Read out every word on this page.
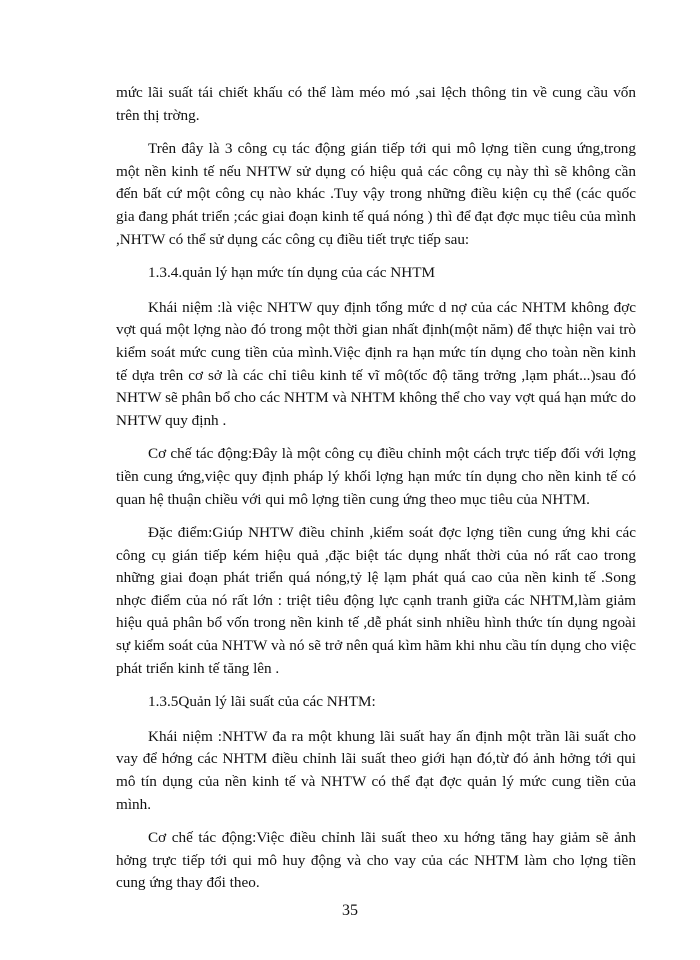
mức lãi suất tái chiết khấu có thể làm méo mó ,sai lệch thông tin về cung cầu vốn trên thị trờng.

Trên đây là 3 công cụ tác động gián tiếp tới qui mô lợng tiền cung ứng,trong một nền kinh tế nếu NHTW sử dụng có hiệu quả các công cụ này thì sẽ không cần đến bất cứ một công cụ nào khác .Tuy vậy trong những điều kiện cụ thể (các quốc gia đang phát triển ;các giai đoạn kinh tế quá nóng ) thì để đạt đợc mục tiêu của mình ,NHTW có thể sử dụng các công cụ điều tiết trực tiếp sau:

1.3.4.quản lý hạn mức tín dụng của các NHTM

Khái niệm :là việc NHTW quy định tổng mức d nợ của các NHTM không đợc vợt quá một lợng nào đó trong một thời gian nhất định(một năm) để thực hiện vai trò kiểm soát mức cung tiền của mình.Việc định ra hạn mức tín dụng cho toàn nền kinh tế dựa trên cơ sở là các chỉ tiêu kinh tế vĩ mô(tốc độ tăng trởng ,lạm phát...)sau đó NHTW sẽ phân bổ cho các NHTM và NHTM không thể cho vay vợt quá hạn mức do NHTW quy định .

Cơ chế tác động:Đây là một công cụ điều chỉnh một cách trực tiếp đối với lợng tiền cung ứng,việc quy định pháp lý khối lợng hạn mức tín dụng cho nền kinh tế có quan hệ thuận chiều với qui mô lợng tiền cung ứng theo mục tiêu của NHTM.

Đặc điểm:Giúp NHTW điều chỉnh ,kiểm soát đợc lợng tiền cung ứng khi các công cụ gián tiếp kém hiệu quả ,đặc biệt tác dụng nhất thời của nó rất cao trong những giai đoạn phát triển quá nóng,tỷ lệ lạm phát quá cao của nền kinh tế .Song nhợc điểm của nó rất lớn : triệt tiêu động lực cạnh tranh giữa các NHTM,làm giảm hiệu quả phân bổ vốn trong nền kinh tế ,dễ phát sinh nhiều hình thức tín dụng ngoài sự kiểm soát của NHTW và nó sẽ trở nên quá kìm hãm khi nhu cầu tín dụng cho việc phát triển kinh tế tăng lên .

1.3.5Quản lý lãi suất của các NHTM:

Khái niệm :NHTW đa ra một khung lãi suất hay ấn định một trần lãi suất cho vay để hớng các NHTM điều chỉnh lãi suất theo giới hạn đó,từ đó ảnh hởng tới qui mô tín dụng của nền kinh tế và NHTW có thể đạt đợc quản lý mức cung tiền của mình.

Cơ chế tác động:Việc điều chỉnh lãi suất theo xu hớng tăng hay giảm sẽ ảnh hởng trực tiếp tới qui mô huy động và cho vay của các NHTM làm cho lợng tiền cung ứng thay đổi theo.

35
